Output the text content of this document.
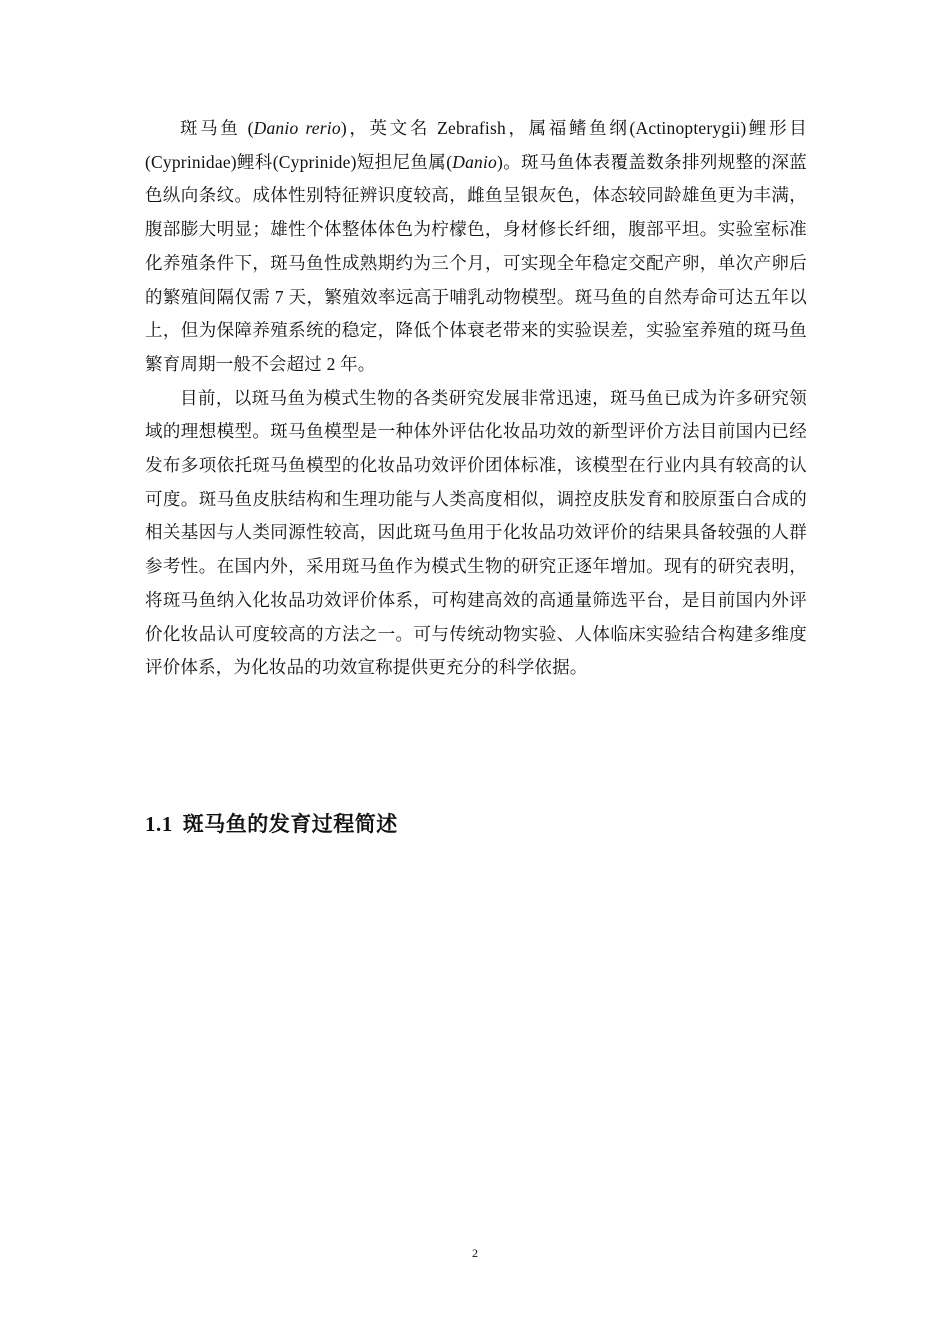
斑马鱼 (Danio rerio)，英文名 Zebrafish，属福鳍鱼纲(Actinopterygii)鲤形目(Cyprinidae)鲤科(Cyprinide)短担尼鱼属(Danio)。斑马鱼体表覆盖数条排列规整的深蓝色纵向条纹。成体性别特征辨识度较高，雌鱼呈银灰色，体态较同龄雄鱼更为丰满，腹部膨大明显；雄性个体整体体色为柠檬色，身材修长纤细，腹部平坦。实验室标准化养殖条件下，斑马鱼性成熟期约为三个月，可实现全年稳定交配产卵，单次产卵后的繁殖间隔仅需 7 天，繁殖效率远高于哺乳动物模型。斑马鱼的自然寿命可达五年以上，但为保障养殖系统的稳定，降低个体衰老带来的实验误差，实验室养殖的斑马鱼繁育周期一般不会超过 2 年。

目前，以斑马鱼为模式生物的各类研究发展非常迅速，斑马鱼已成为许多研究领域的理想模型。斑马鱼模型是一种体外评估化妆品功效的新型评价方法目前国内已经发布多项依托斑马鱼模型的化妆品功效评价团体标准，该模型在行业内具有较高的认可度。斑马鱼皮肤结构和生理功能与人类高度相似，调控皮肤发育和胶原蛋白合成的相关基因与人类同源性较高，因此斑马鱼用于化妆品功效评价的结果具备较强的人群参考性。在国内外，采用斑马鱼作为模式生物的研究正逐年增加。现有的研究表明，将斑马鱼纳入化妆品功效评价体系，可构建高效的高通量筛选平台，是目前国内外评价化妆品认可度较高的方法之一。可与传统动物实验、人体临床实验结合构建多维度评价体系，为化妆品的功效宣称提供更充分的科学依据。

1.1 斑马鱼的发育过程简述
2
